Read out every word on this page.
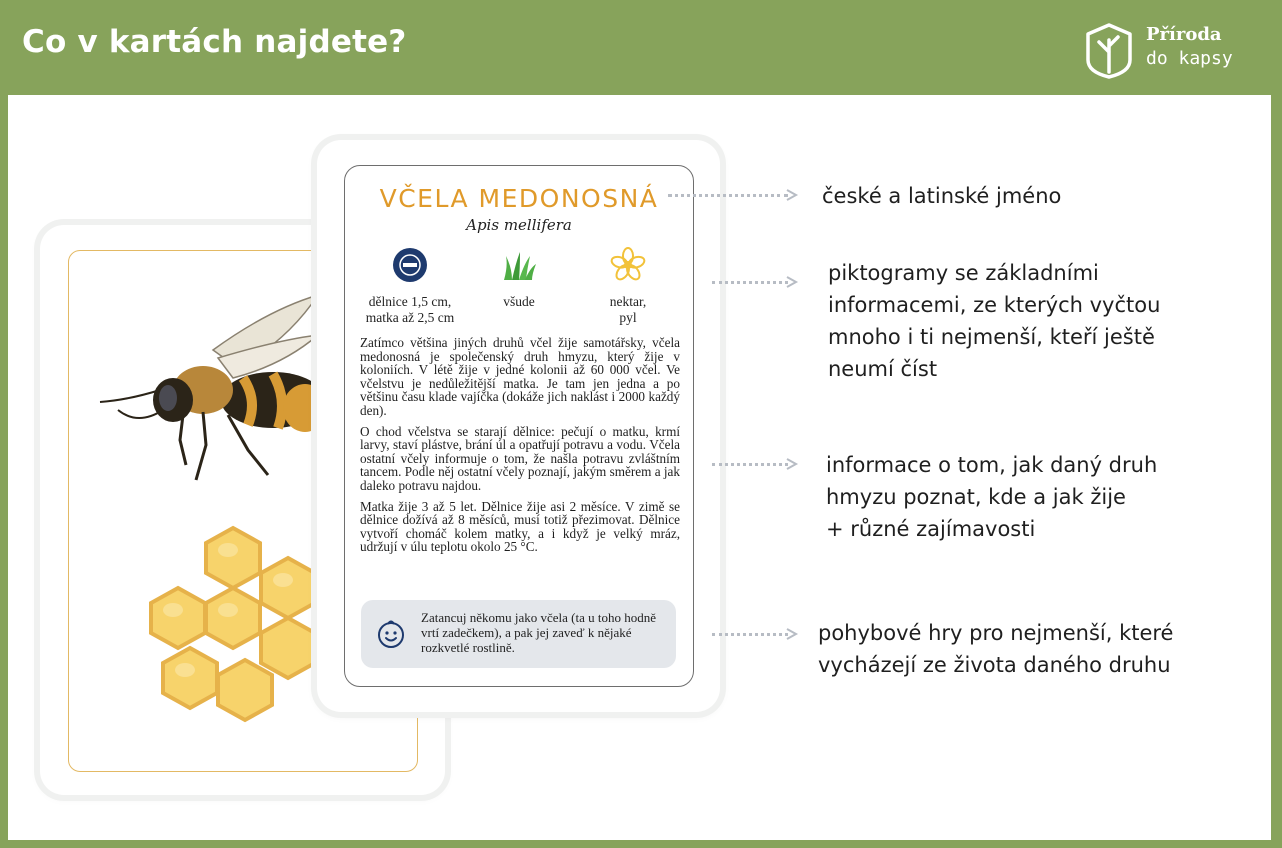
Co v kartách najdete?	Příroda
do kapsy
VČELA MEDONOSNÁ
Apis mellifera
dělnice 1,5 cm,
matka až 2,5 cm
všude	nektar,
pyl

Zatímco většina jiných druhů včel žije samotářsky, včela medonosná je společenský druh hmyzu, který žije v koloniích. V létě žije v jedné kolonii až 60 000 včel. Ve včelstvu je nedůležitější matka. Je tam jen jedna a po většinu času klade vajíčka (dokáže jich naklást i 2000 každý den).

O chod včelstva se starají dělnice: pečují o matku, krmí larvy, staví plástve, brání úl a opatřují potravu a vodu. Včela ostatní včely informuje o tom, že našla potravu zvláštním tancem. Podle něj ostatní včely poznají, jakým směrem a jak daleko potravu najdou.

Matka žije 3 až 5 let. Dělnice žije asi 2 měsíce. V zimě se dělnice dožívá až 8 měsíců, musí totiž přezimovat. Dělnice vytvoří chomáč kolem matky, a i když je velký mráz, udržují v úlu teplotu okolo 25 °C.

Zatancuj někomu jako včela (ta u toho hodně vrtí zadečkem), a pak jej zaveď k nějaké rozkvetlé rostlině.
české a latinské jméno
piktogramy se základními
informacemi, ze kterých vyčtou
mnoho i ti nejmenší, kteří ještě
neumí číst
informace o tom, jak daný druh
hmyzu poznat, kde a jak žije
+ různé zajímavosti
pohybové hry pro nejmenší, které
vycházejí ze života daného druhu
